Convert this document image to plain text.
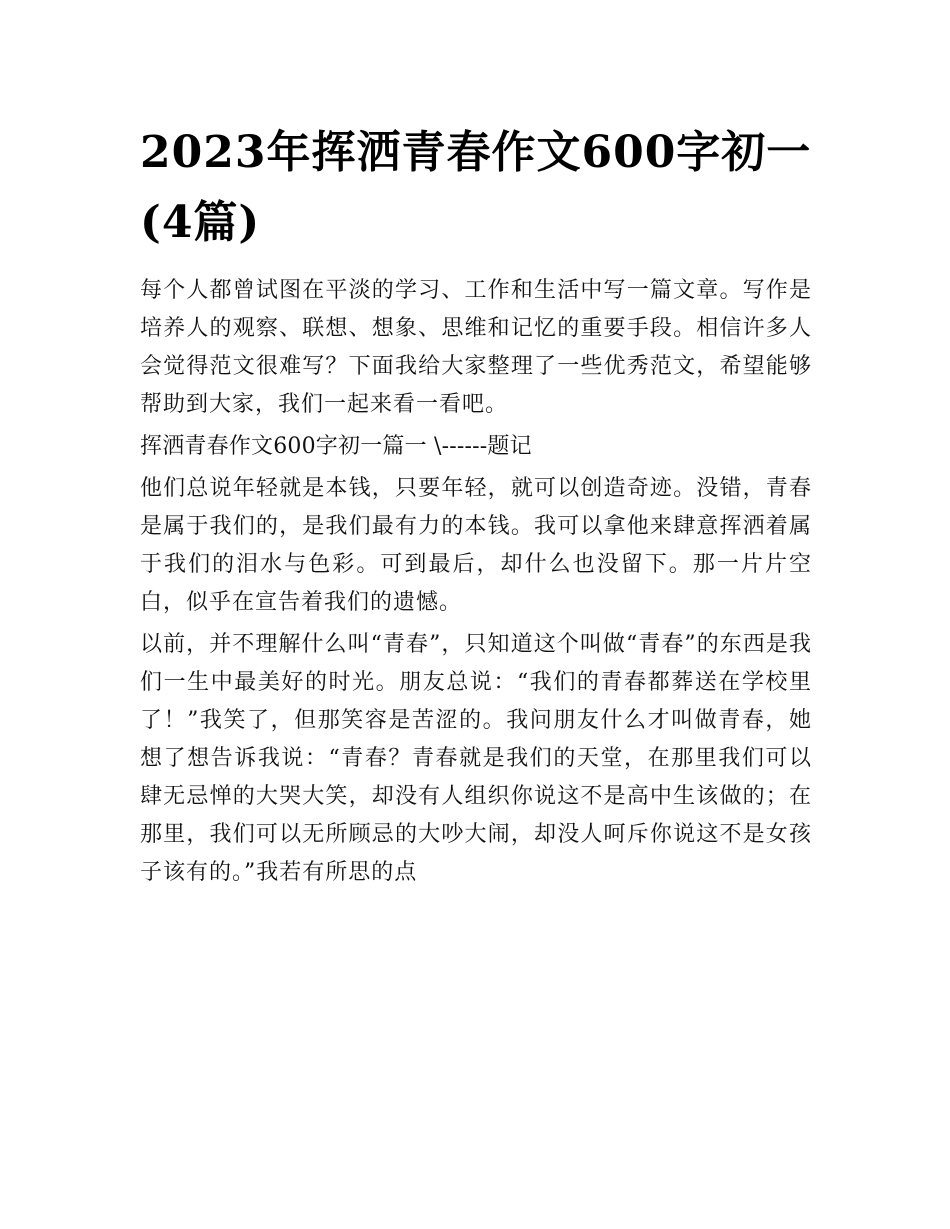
2023年挥洒青春作文600字初一(4篇)

每个人都曾试图在平淡的学习、工作和生活中写一篇文章。写作是培养人的观察、联想、想象、思维和记忆的重要手段。相信许多人会觉得范文很难写？下面我给大家整理了一些优秀范文，希望能够帮助到大家，我们一起来看一看吧。

挥洒青春作文600字初一篇一 \------题记

他们总说年轻就是本钱，只要年轻，就可以创造奇迹。没错，青春是属于我们的，是我们最有力的本钱。我可以拿他来肆意挥洒着属于我们的泪水与色彩。可到最后，却什么也没留下。那一片片空白，似乎在宣告着我们的遗憾。

以前，并不理解什么叫“青春”，只知道这个叫做“青春”的东西是我们一生中最美好的时光。朋友总说：“我们的青春都葬送在学校里了！”我笑了，但那笑容是苦涩的。我问朋友什么才叫做青春，她想了想告诉我说：“青春？青春就是我们的天堂，在那里我们可以肆无忌惮的大哭大笑，却没有人组织你说这不是高中生该做的；在那里，我们可以无所顾忌的大吵大闹，却没人呵斥你说这不是女孩子该有的。”我若有所思的点
